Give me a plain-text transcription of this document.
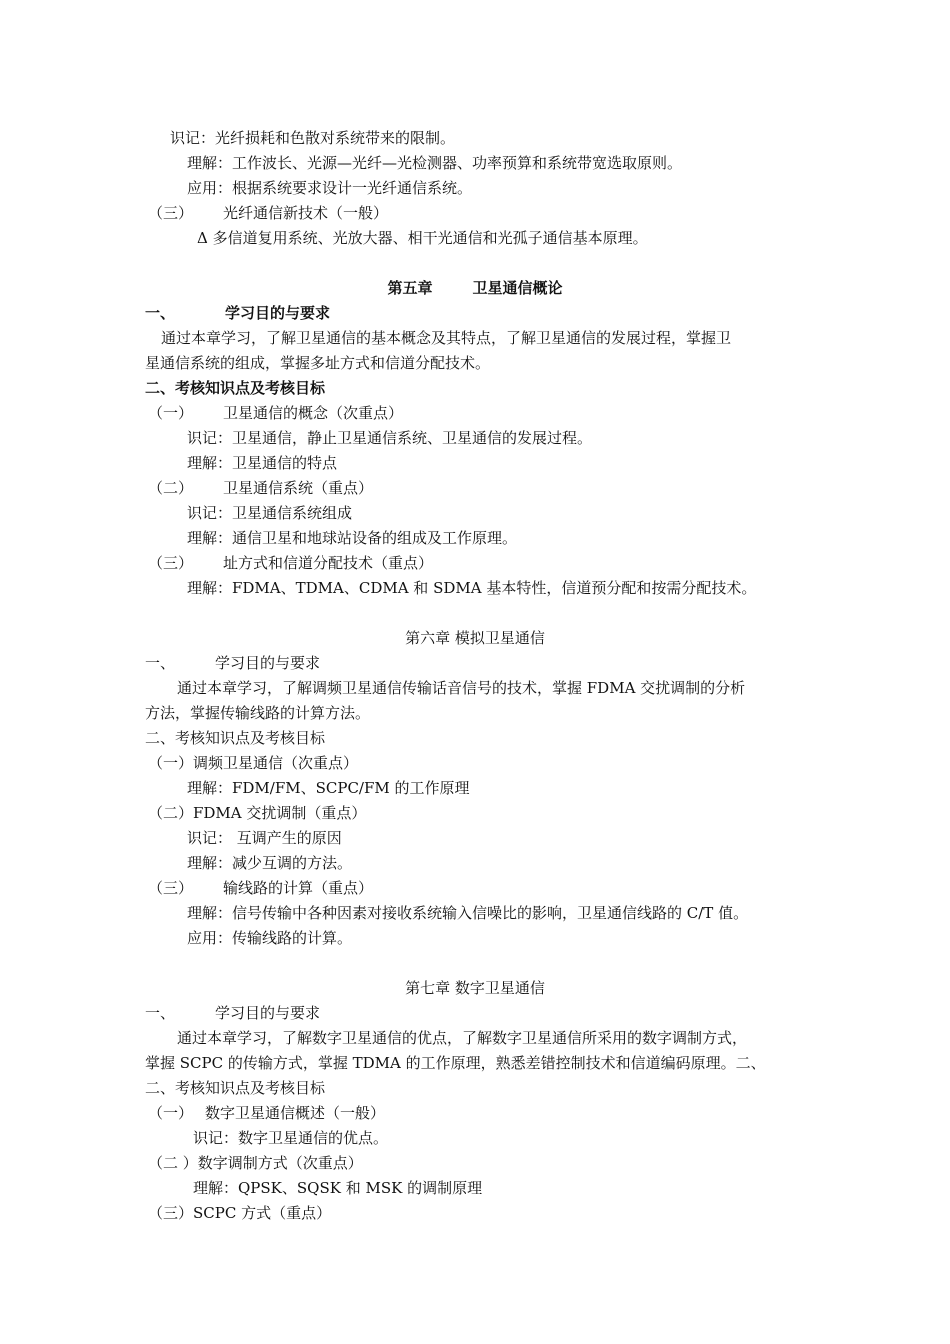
识记：光纤损耗和色散对系统带来的限制。
理解：工作波长、光源—光纤—光检测器、功率预算和系统带宽选取原则。
应用：根据系统要求设计一光纤通信系统。
（三） 光纤通信新技术（一般）
Δ 多信道复用系统、光放大器、相干光通信和光孤子通信基本原理。
第五章	卫星通信概论
一、	学习目的与要求
通过本章学习，了解卫星通信的基本概念及其特点，了解卫星通信的发展过程，掌握卫
星通信系统的组成，掌握多址方式和信道分配技术。
二、考核知识点及考核目标
（一） 卫星通信的概念（次重点）
识记：卫星通信，静止卫星通信系统、卫星通信的发展过程。
理解：卫星通信的特点
（二） 卫星通信系统（重点）
识记：卫星通信系统组成
理解：通信卫星和地球站设备的组成及工作原理。
（三） 址方式和信道分配技术（重点）
理解：FDMA、TDMA、CDMA 和 SDMA 基本特性，信道预分配和按需分配技术。
第六章 模拟卫星通信
一、	学习目的与要求
通过本章学习，了解调频卫星通信传输话音信号的技术，掌握 FDMA 交扰调制的分析
方法，掌握传输线路的计算方法。
二、考核知识点及考核目标
（一）调频卫星通信（次重点）
理解：FDM/FM、SCPC/FM 的工作原理
（二）FDMA 交扰调制（重点）
识记： 互调产生的原因
理解：减少互调的方法。
（三） 输线路的计算（重点）
理解：信号传输中各种因素对接收系统输入信噪比的影响，卫星通信线路的 C/T 值。
应用：传输线路的计算。
第七章 数字卫星通信
一、	学习目的与要求
通过本章学习，了解数字卫星通信的优点，了解数字卫星通信所采用的数字调制方式，
掌握 SCPC 的传输方式，掌握 TDMA 的工作原理，熟悉差错控制技术和信道编码原理。二、
二、考核知识点及考核目标
（一） 数字卫星通信概述（一般）
识记：数字卫星通信的优点。
（二 ）数字调制方式（次重点）
理解：QPSK、SQSK 和 MSK 的调制原理
（三）SCPC 方式（重点）
